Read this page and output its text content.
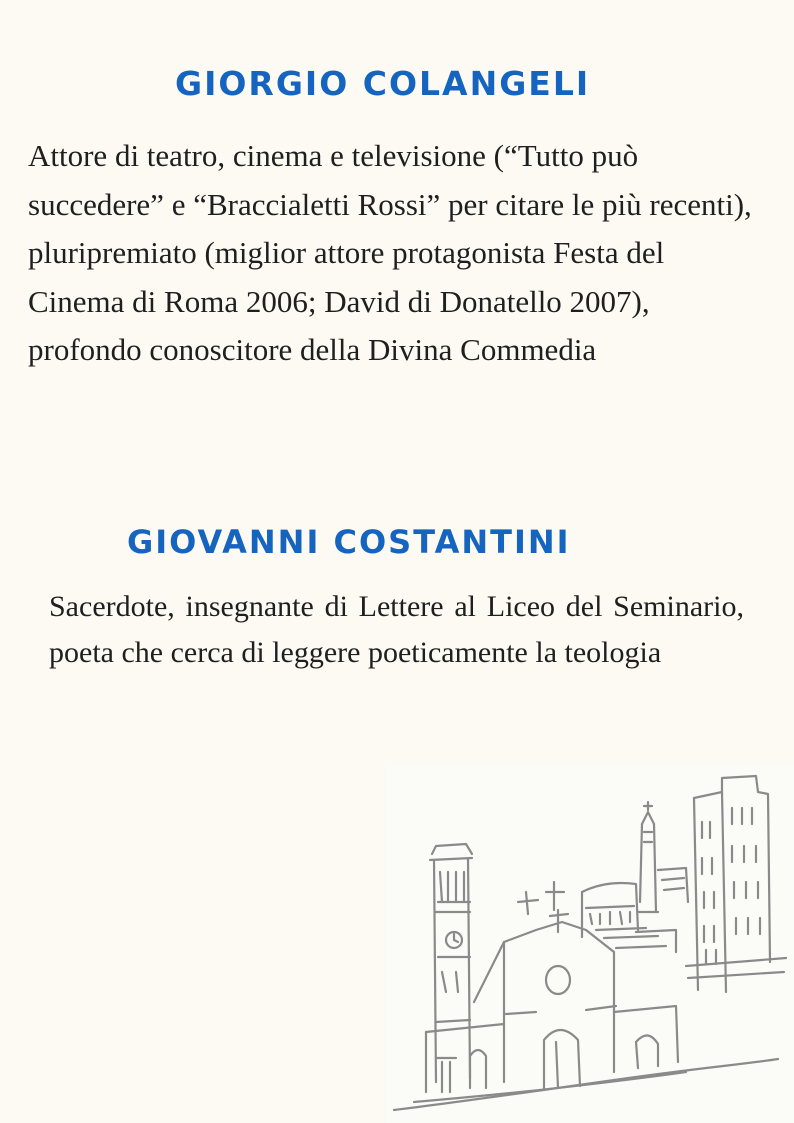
GIORGIO COLANGELI

Attore di teatro, cinema e televisione (“Tutto può succedere” e “Braccialetti Rossi” per citare le più recenti), pluripremiato (miglior attore protagonista Festa del Cinema di Roma 2006; David di Donatello 2007), profondo conoscitore della Divina Commedia

GIOVANNI COSTANTINI

Sacerdote, insegnante di Lettere al Liceo del Seminario, poeta che cerca di leggere poeticamente la teologia
